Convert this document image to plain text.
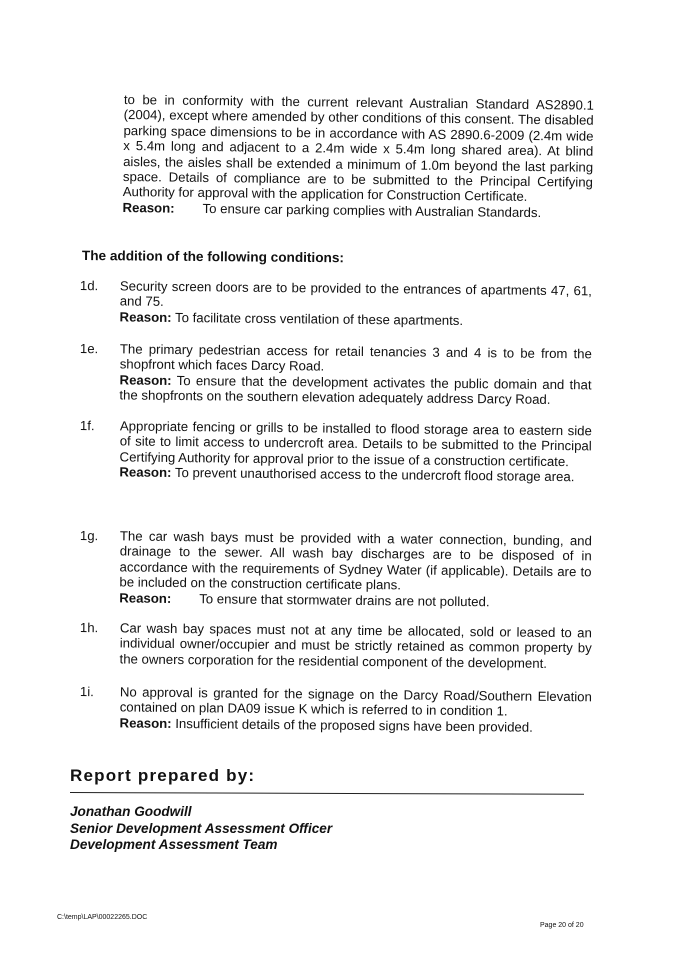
to be in conformity with the current relevant Australian Standard AS2890.1 (2004), except where amended by other conditions of this consent. The disabled parking space dimensions to be in accordance with AS 2890.6-2009 (2.4m wide x 5.4m long and adjacent to a 2.4m wide x 5.4m long shared area). At blind aisles, the aisles shall be extended a minimum of 1.0m beyond the last parking space. Details of compliance are to be submitted to the Principal Certifying Authority for approval with the application for Construction Certificate.
Reason: To ensure car parking complies with Australian Standards.
The addition of the following conditions:
1d. Security screen doors are to be provided to the entrances of apartments 47, 61, and 75.
Reason: To facilitate cross ventilation of these apartments.
1e. The primary pedestrian access for retail tenancies 3 and 4 is to be from the shopfront which faces Darcy Road.
Reason: To ensure that the development activates the public domain and that the shopfronts on the southern elevation adequately address Darcy Road.
1f. Appropriate fencing or grills to be installed to flood storage area to eastern side of site to limit access to undercroft area. Details to be submitted to the Principal Certifying Authority for approval prior to the issue of a construction certificate.
Reason: To prevent unauthorised access to the undercroft flood storage area.
1g. The car wash bays must be provided with a water connection, bunding, and drainage to the sewer. All wash bay discharges are to be disposed of in accordance with the requirements of Sydney Water (if applicable). Details are to be included on the construction certificate plans.
Reason: To ensure that stormwater drains are not polluted.
1h. Car wash bay spaces must not at any time be allocated, sold or leased to an individual owner/occupier and must be strictly retained as common property by the owners corporation for the residential component of the development.
1i. No approval is granted for the signage on the Darcy Road/Southern Elevation contained on plan DA09 issue K which is referred to in condition 1.
Reason: Insufficient details of the proposed signs have been provided.
Report prepared by:
Jonathan Goodwill
Senior Development Assessment Officer
Development Assessment Team
C:\temp\LAP\00022265.DOC
Page 20 of 20
